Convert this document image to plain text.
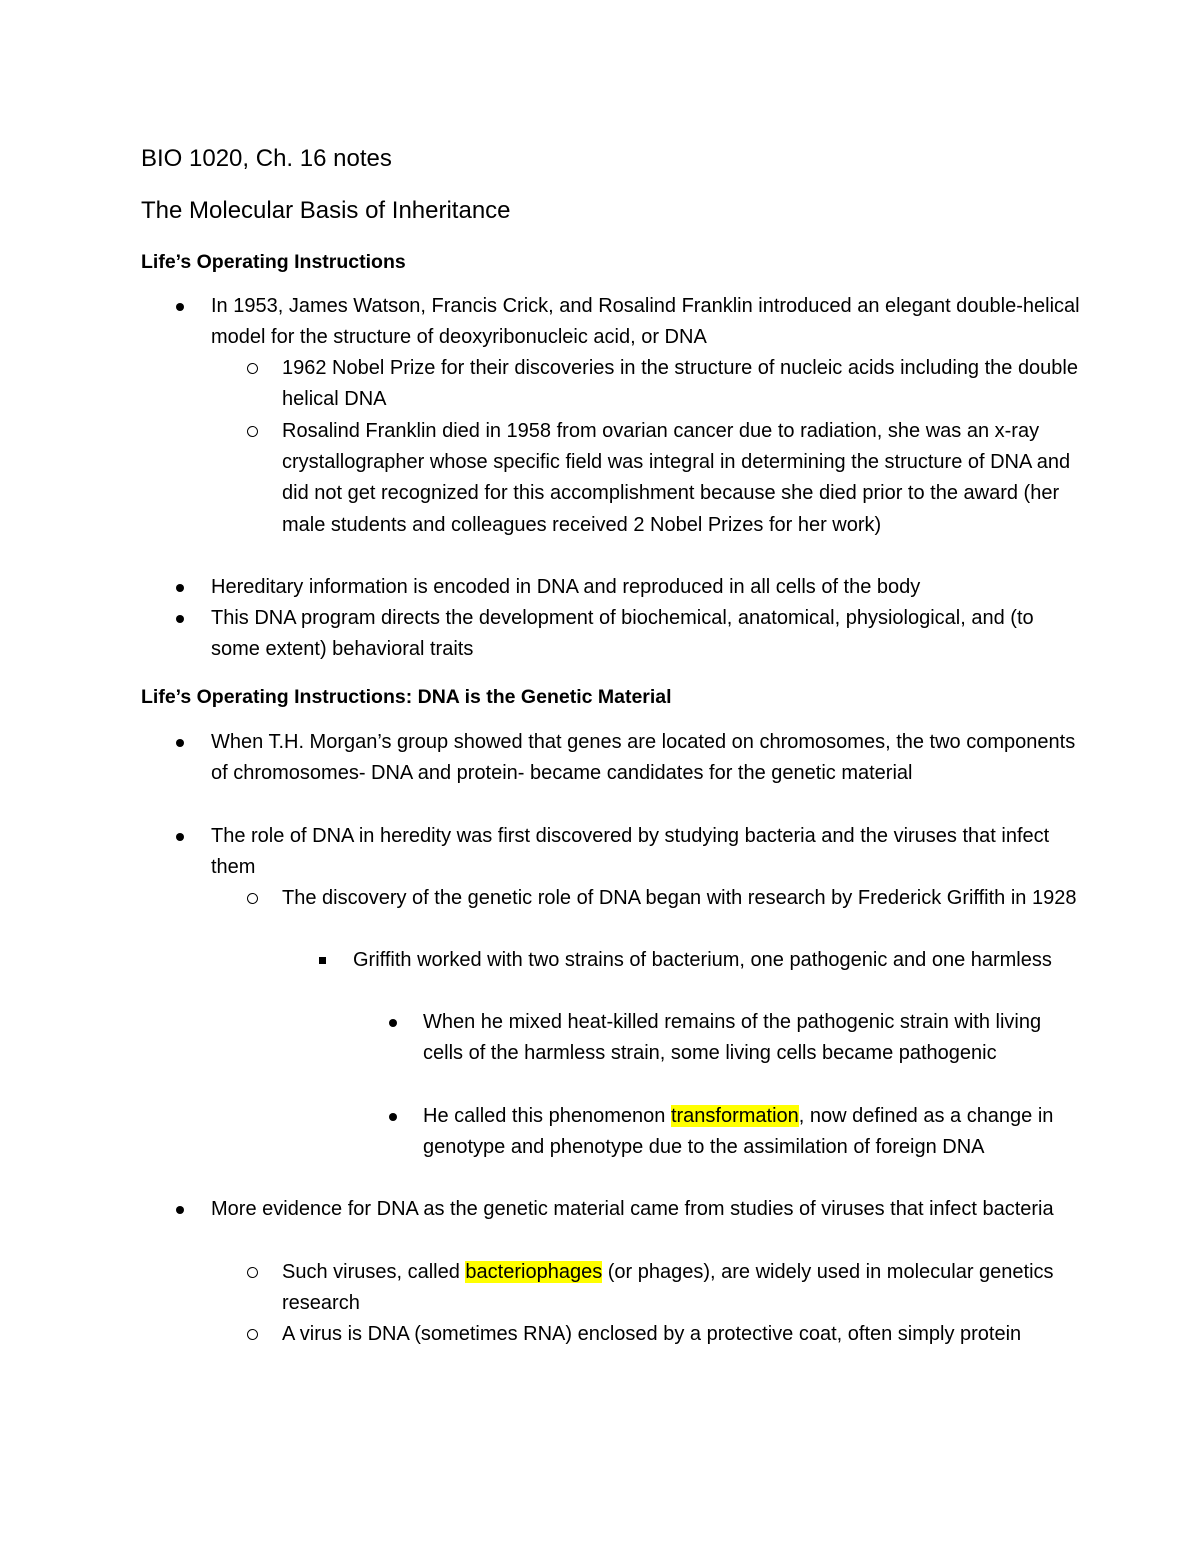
BIO 1020, Ch. 16 notes
The Molecular Basis of Inheritance
Life’s Operating Instructions
In 1953, James Watson, Francis Crick, and Rosalind Franklin introduced an elegant double-helical model for the structure of deoxyribonucleic acid, or DNA
1962 Nobel Prize for their discoveries in the structure of nucleic acids including the double helical DNA
Rosalind Franklin died in 1958 from ovarian cancer due to radiation, she was an x-ray crystallographer whose specific field was integral in determining the structure of DNA and did not get recognized for this accomplishment because she died prior to the award (her male students and colleagues received 2 Nobel Prizes for her work)
Hereditary information is encoded in DNA and reproduced in all cells of the body
This DNA program directs the development of biochemical, anatomical, physiological, and (to some extent) behavioral traits
Life’s Operating Instructions: DNA is the Genetic Material
When T.H. Morgan’s group showed that genes are located on chromosomes, the two components of chromosomes- DNA and protein- became candidates for the genetic material
The role of DNA in heredity was first discovered by studying bacteria and the viruses that infect them
The discovery of the genetic role of DNA began with research by Frederick Griffith in 1928
Griffith worked with two strains of bacterium, one pathogenic and one harmless
When he mixed heat-killed remains of the pathogenic strain with living cells of the harmless strain, some living cells became pathogenic
He called this phenomenon transformation, now defined as a change in genotype and phenotype due to the assimilation of foreign DNA
More evidence for DNA as the genetic material came from studies of viruses that infect bacteria
Such viruses, called bacteriophages (or phages), are widely used in molecular genetics research
A virus is DNA (sometimes RNA) enclosed by a protective coat, often simply protein
